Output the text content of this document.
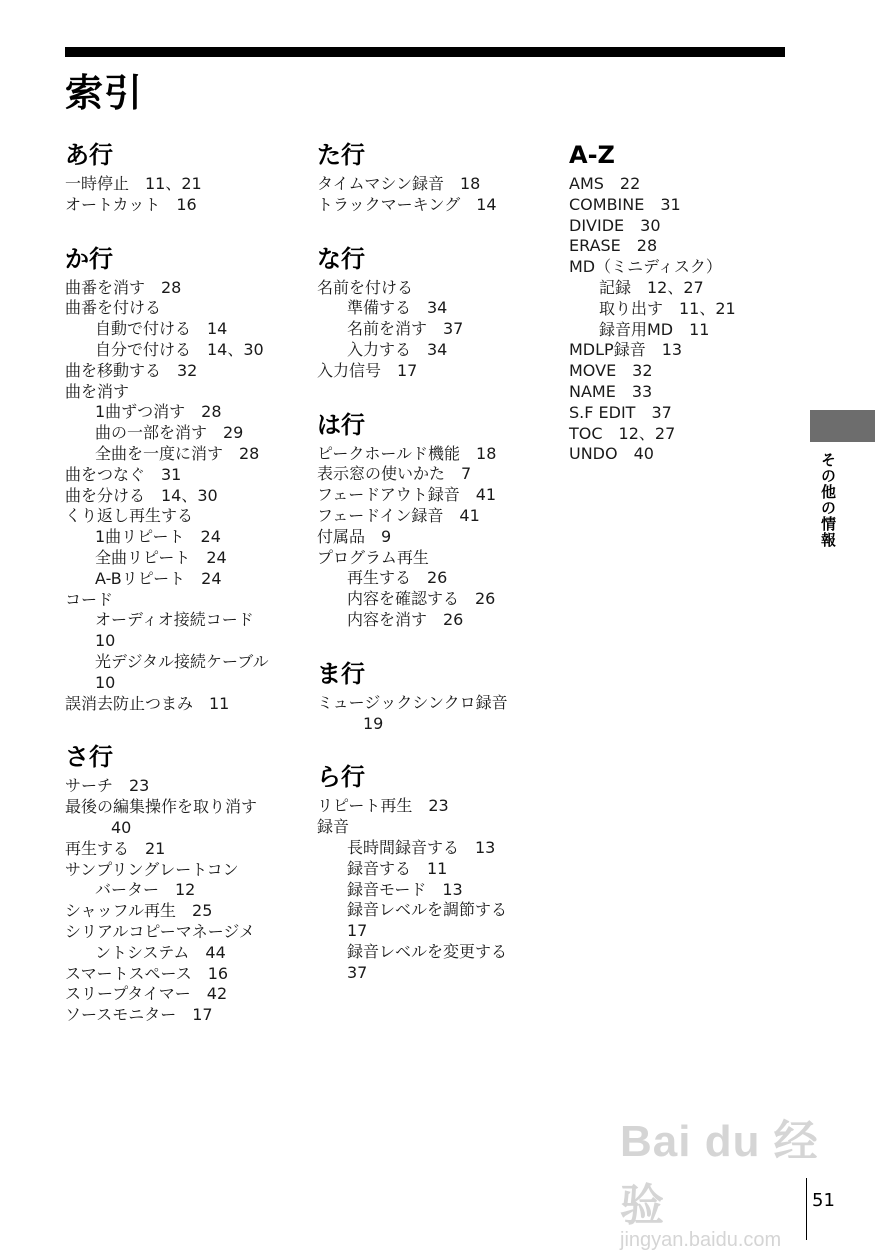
索引
あ行
一時停止　11、21
オートカット　16
か行
曲番を消す　28
曲番を付ける
自動で付ける　14
自分で付ける　14、30
曲を移動する　32
曲を消す
1曲ずつ消す　28
曲の一部を消す　29
全曲を一度に消す　28
曲をつなぐ　31
曲を分ける　14、30
くり返し再生する
1曲リピート　24
全曲リピート　24
A-Bリピート　24
コード
オーディオ接続コード
10
光デジタル接続ケーブル
10
誤消去防止つまみ　11
さ行
サーチ　23
最後の編集操作を取り消す
40
再生する　21
サンプリングレートコン
バーター　12
シャッフル再生　25
シリアルコピーマネージメ
ントシステム　44
スマートスペース　16
スリープタイマー　42
ソースモニター　17
た行
タイムマシン録音　18
トラックマーキング　14
な行
名前を付ける
準備する　34
名前を消す　37
入力する　34
入力信号　17
は行
ピークホールド機能　18
表示窓の使いかた　7
フェードアウト録音　41
フェードイン録音　41
付属品　9
プログラム再生
再生する　26
内容を確認する　26
内容を消す　26
ま行
ミュージックシンクロ録音
19
ら行
リピート再生　23
録音
長時間録音する　13
録音する　11
録音モード　13
録音レベルを調節する
17
録音レベルを変更する
37
A-Z
AMS　22
COMBINE　31
DIVIDE　30
ERASE　28
MD（ミニディスク）
記録　12、27
取り出す　11、21
録音用MD　11
MDLP録音　13
MOVE　32
NAME　33
S.F EDIT　37
TOC　12、27
UNDO　40	その他の情報
Bai du 经验
jingyan.baidu.com
51
